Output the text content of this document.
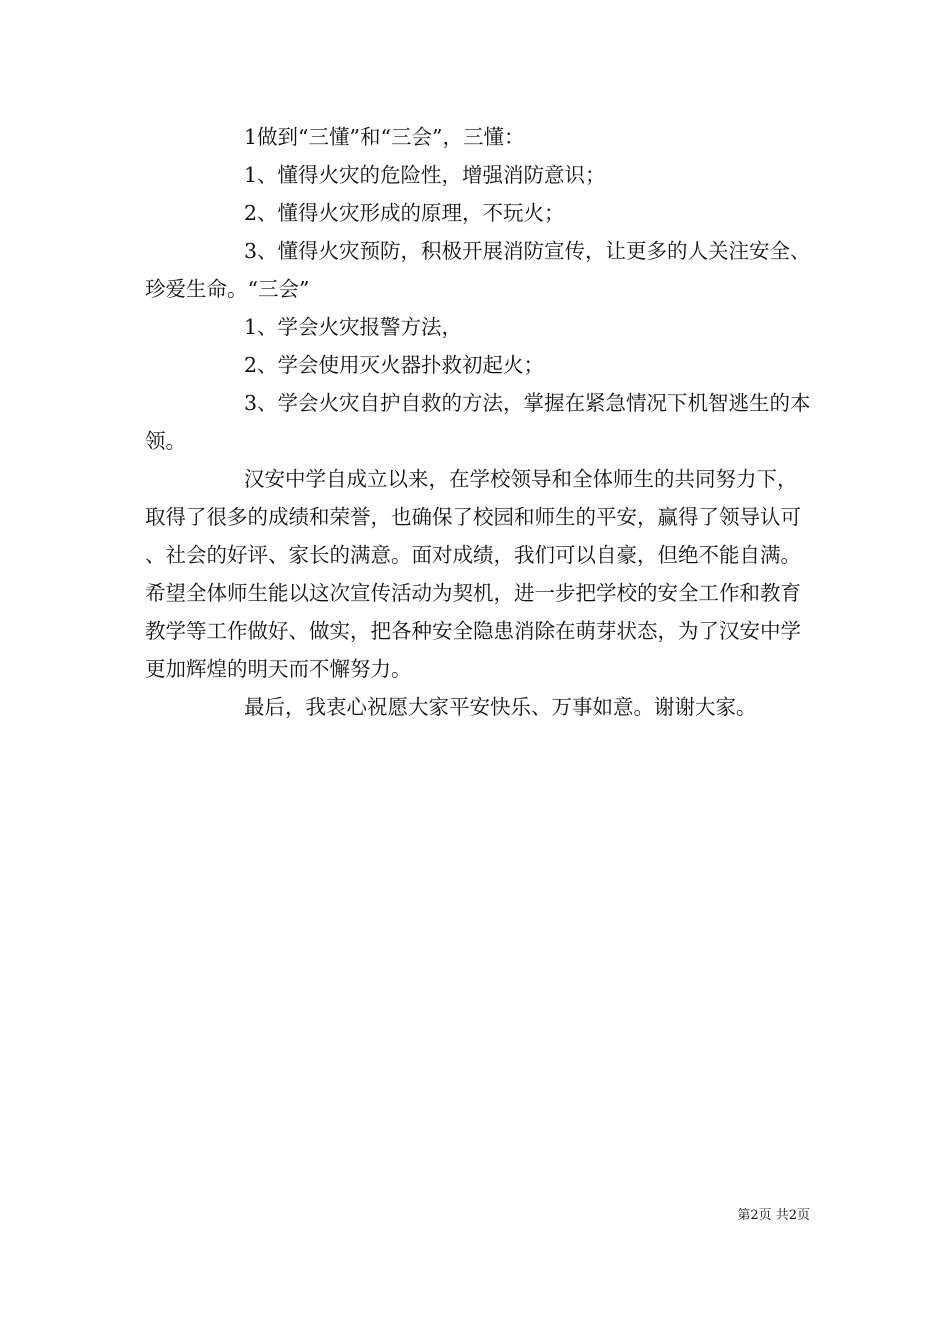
1做到“三懂”和“三会”，三懂：

1、懂得火灾的危险性，增强消防意识；

2、懂得火灾形成的原理，不玩火；

3、懂得火灾预防，积极开展消防宣传，让更多的人关注安全、珍爱生命。“三会”

1、学会火灾报警方法，

2、学会使用灭火器扑救初起火；

3、学会火灾自护自救的方法，掌握在紧急情况下机智逃生的本领。

汉安中学自成立以来，在学校领导和全体师生的共同努力下，取得了很多的成绩和荣誉，也确保了校园和师生的平安，赢得了领导认可、社会的好评、家长的满意。面对成绩，我们可以自豪，但绝不能自满。希望全体师生能以这次宣传活动为契机，进一步把学校的安全工作和教育教学等工作做好、做实，把各种安全隐患消除在萌芽状态，为了汉安中学更加辉煌的明天而不懈努力。

最后，我衷心祝愿大家平安快乐、万事如意。谢谢大家。

第2页 共2页
